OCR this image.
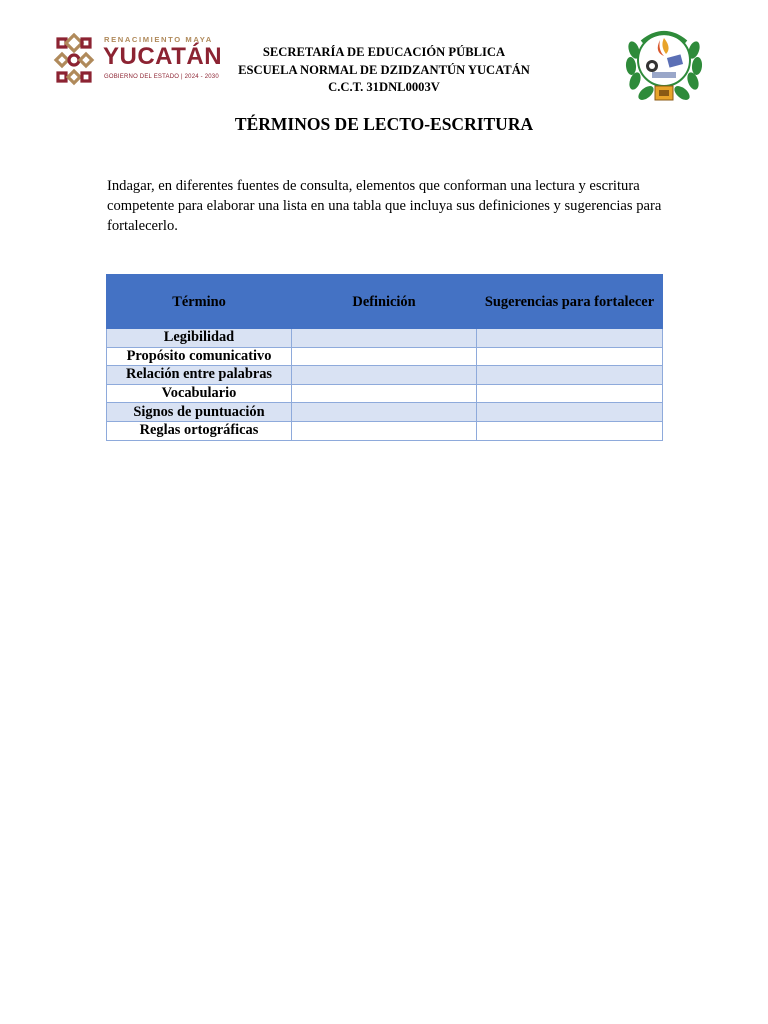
RENACIMIENTO MAYA
YUCATÁN
GOBIERNO DEL ESTADO | 2024 - 2030
SECRETARÍA DE EDUCACIÓN PÚBLICA
ESCUELA NORMAL DE DZIDZANTÚN YUCATÁN
C.C.T. 31DNL0003V
TÉRMINOS DE LECTO-ESCRITURA
Indagar, en diferentes fuentes de consulta, elementos que conforman una lectura y escritura competente para elaborar una lista en una tabla que incluya sus definiciones y sugerencias para fortalecerlo.
Término	Definición	Sugerencias para fortalecer
Legibilidad		
Propósito comunicativo		
Relación entre palabras		
Vocabulario		
Signos de puntuación		
Reglas ortográficas		
